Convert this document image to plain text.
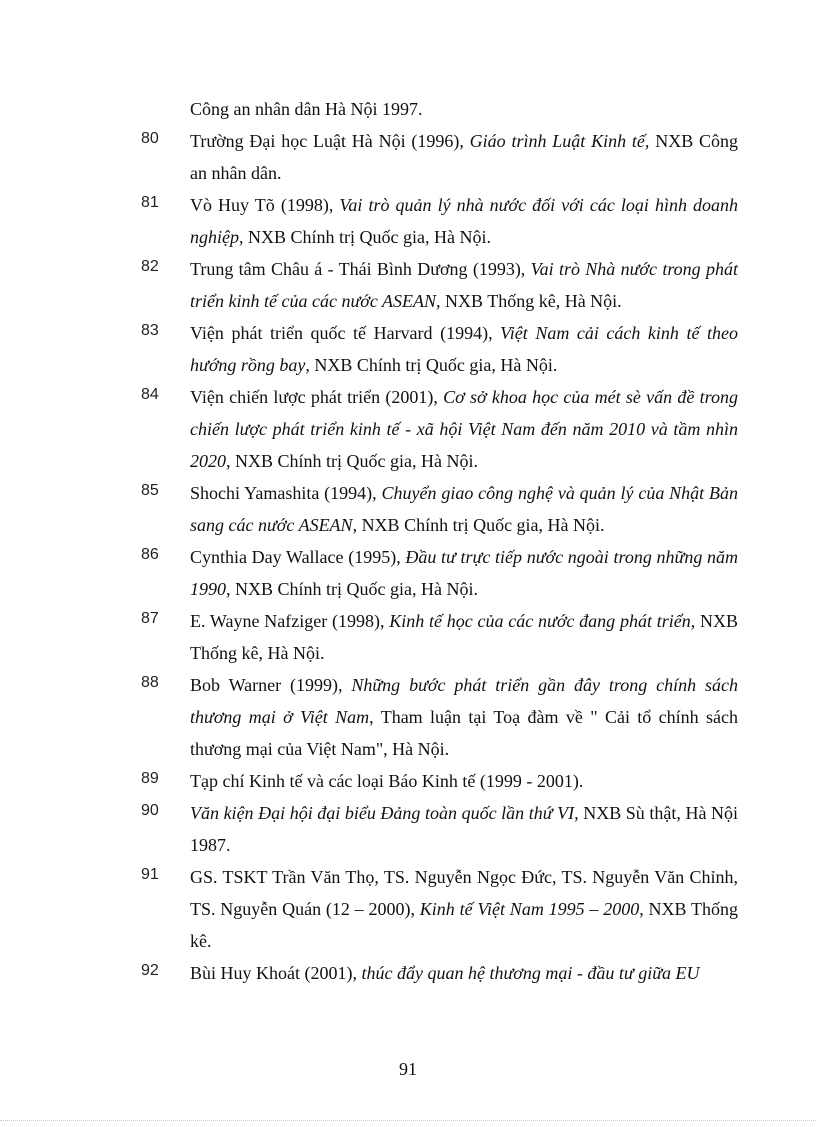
Công an nhân dân Hà Nội 1997.
80 Trường Đại học Luật Hà Nội (1996), Giáo trình Luật Kinh tế, NXB Công an nhân dân.
81 Vò Huy Tõ (1998), Vai trò quản lý nhà nước đối với các loại hình doanh nghiệp, NXB Chính trị Quốc gia, Hà Nội.
82 Trung tâm Châu á - Thái Bình Dương (1993), Vai trò Nhà nước trong phát triển kinh tế của các nước ASEAN, NXB Thống kê, Hà Nội.
83 Viện phát triển quốc tế Harvard (1994), Việt Nam cải cách kinh tế theo hướng rồng bay, NXB Chính trị Quốc gia, Hà Nội.
84 Viện chiến lược phát triển (2001), Cơ sở khoa học của mét sè vấn đề trong chiến lược phát triển kinh tế - xã hội Việt Nam đến năm 2010 và tầm nhìn 2020, NXB Chính trị Quốc gia, Hà Nội.
85 Shochi Yamashita (1994), Chuyển giao công nghệ và quản lý của Nhật Bản sang các nước ASEAN, NXB Chính trị Quốc gia, Hà Nội.
86 Cynthia Day Wallace (1995), Đầu tư trực tiếp nước ngoài trong những năm 1990, NXB Chính trị Quốc gia, Hà Nội.
87 E. Wayne Nafziger (1998), Kinh tế học của các nước đang phát triển, NXB Thống kê, Hà Nội.
88 Bob Warner (1999), Những bước phát triển gần đây trong chính sách thương mại ở Việt Nam, Tham luận tại Toạ đàm về " Cải tổ chính sách thương mại của Việt Nam", Hà Nội.
89 Tạp chí Kinh tế và các loại Báo Kinh tế (1999 - 2001).
90 Văn kiện Đại hội đại biểu Đảng toàn quốc lần thứ VI, NXB Sù thật, Hà Nội 1987.
91 GS. TSKT Trần Văn Thọ, TS. Nguyễn Ngọc Đức, TS. Nguyễn Văn Chỉnh, TS. Nguyễn Quán (12 – 2000), Kinh tế Việt Nam 1995 – 2000, NXB Thống kê.
92 Bùi Huy Khoát (2001), thúc đẩy quan hệ thương mại - đầu tư giữa EU
91
